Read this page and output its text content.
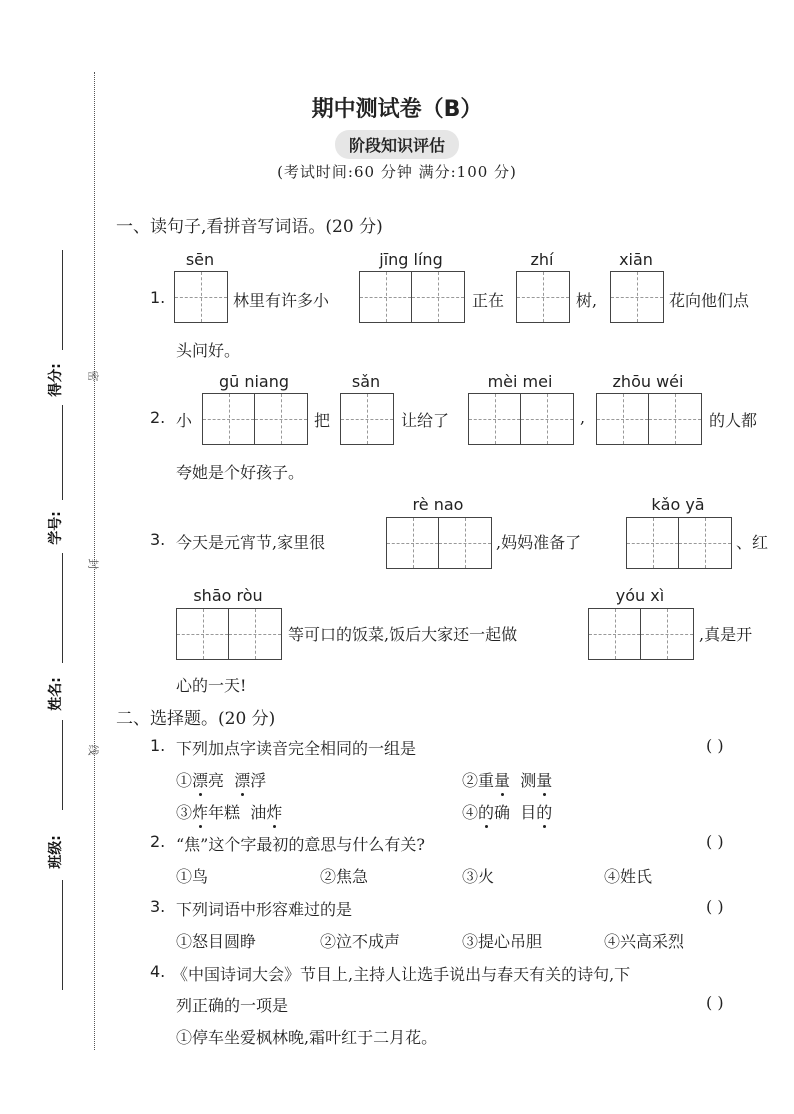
得分:
学号:
姓名:
班级:
密
封
线
期中测试卷（B）
阶段知识评估
(考试时间:60 分钟 满分:100 分)
一、读句子,看拼音写词语。(20 分)
sēn	jīng líng	zhí	xiān
1.	林里有许多小	正在	树,	花向他们点
头问好。
gū niang	sǎn	mèi mei	zhōu wéi
2. 小	把	让给了	,	的人都
夸她是个好孩子。
rè nao	kǎo yā
3. 今天是元宵节,家里很	,妈妈准备了	、红
shāo ròu	yóu xì
等可口的饭菜,饭后大家还一起做	,真是开
心的一天!
二、选择题。(20 分)
1. 下列加点字读音完全相同的一组是	( )
①漂亮  漂浮	②重量  测量
③炸年糕  油炸	④的确  目的
2. “焦”这个字最初的意思与什么有关?	( )
①鸟	②焦急	③火	④姓氏
3. 下列词语中形容难过的是	( )
①怒目圆睁	②泣不成声	③提心吊胆	④兴高采烈
4. 《中国诗词大会》节目上,主持人让选手说出与春天有关的诗句,下
列正确的一项是	( )
①停车坐爱枫林晚,霜叶红于二月花。
